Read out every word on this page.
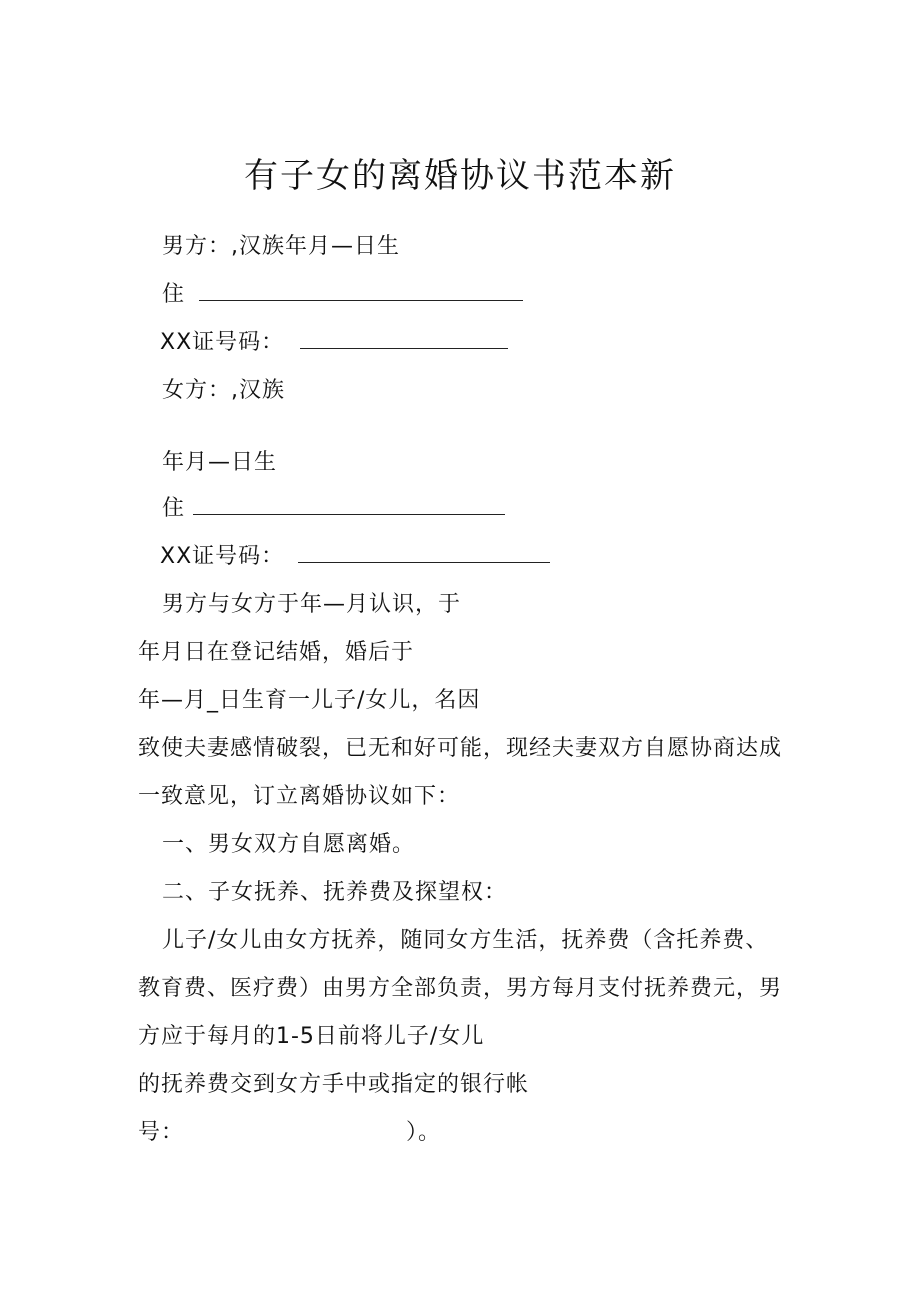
有子女的离婚协议书范本新
男方：,汉族年月—日生
住
XX证号码：
女方：,汉族
年月—日生
住
XX证号码：
男方与女方于年—月认识，于
年月日在登记结婚，婚后于
年—月_日生育一儿子/女儿，名因
致使夫妻感情破裂，已无和好可能，现经夫妻双方自愿协商达成
一致意见，订立离婚协议如下：
一、男女双方自愿离婚。
二、子女抚养、抚养费及探望权：
儿子/女儿由女方抚养，随同女方生活，抚养费（含托养费、
教育费、医疗费）由男方全部负责，男方每月支付抚养费元，男
方应于每月的1-5日前将儿子/女儿
的抚养费交到女方手中或指定的银行帐
号：	）。
